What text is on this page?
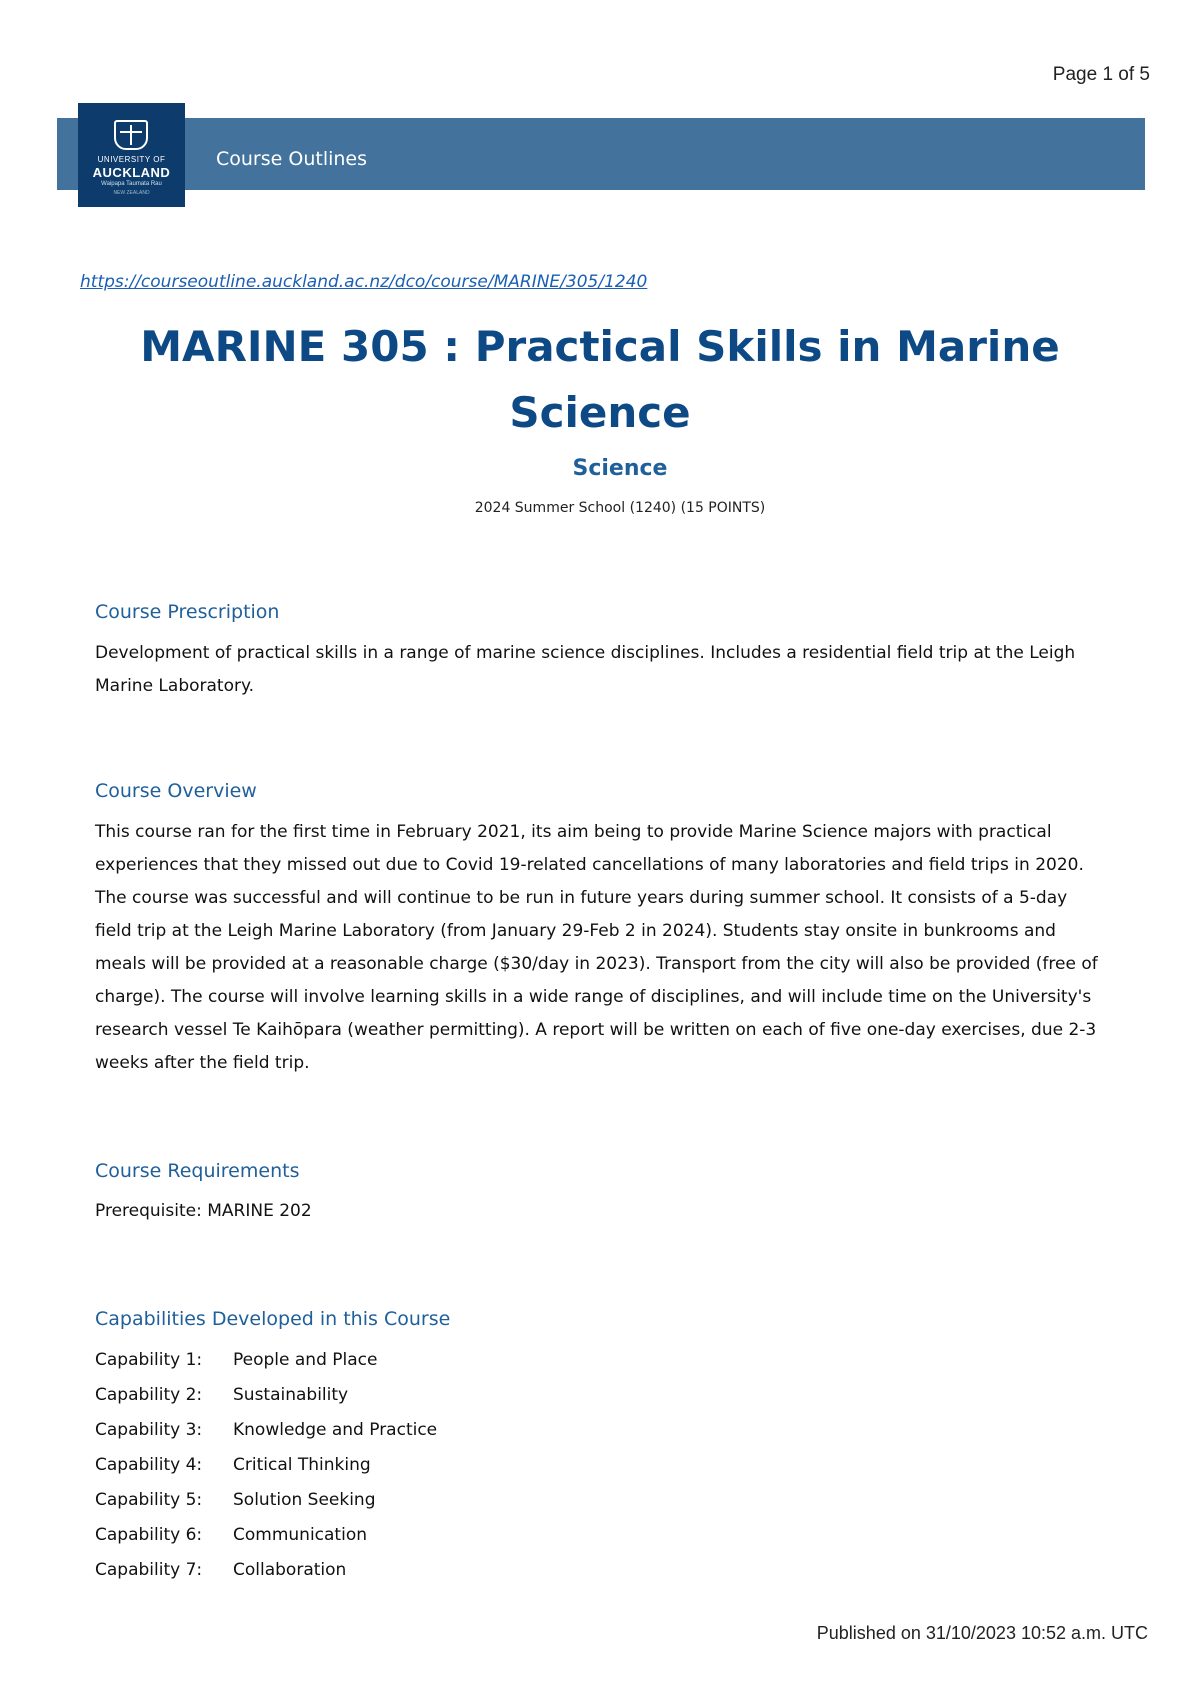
Page 1 of 5
UNIVERSITY OF
AUCKLAND
Waipapa Taumata Rau
NEW ZEALAND
Course Outlines
https://courseoutline.auckland.ac.nz/dco/course/MARINE/305/1240
MARINE 305 : Practical Skills in Marine Science
Science
2024 Summer School (1240) (15 POINTS)
Course Prescription

Development of practical skills in a range of marine science disciplines. Includes a residential field trip at the Leigh Marine Laboratory.

Course Overview

This course ran for the first time in February 2021, its aim being to provide Marine Science majors with practical experiences that they missed out due to Covid 19-related cancellations of many laboratories and field trips in 2020. The course was successful and will continue to be run in future years during summer school. It consists of a 5-day field trip at the Leigh Marine Laboratory (from January 29-Feb 2 in 2024). Students stay onsite in bunkrooms and meals will be provided at a reasonable charge ($30/day in 2023). Transport from the city will also be provided (free of charge). The course will involve learning skills in a wide range of disciplines, and will include time on the University's research vessel Te Kaihōpara (weather permitting). A report will be written on each of five one-day exercises, due 2-3 weeks after the field trip.

Course Requirements
Prerequisite: MARINE 202
Capabilities Developed in this Course
Capability 1:	People and Place
Capability 2:	Sustainability
Capability 3:	Knowledge and Practice
Capability 4:	Critical Thinking
Capability 5:	Solution Seeking
Capability 6:	Communication
Capability 7:	Collaboration
Published on 31/10/2023 10:52 a.m. UTC
